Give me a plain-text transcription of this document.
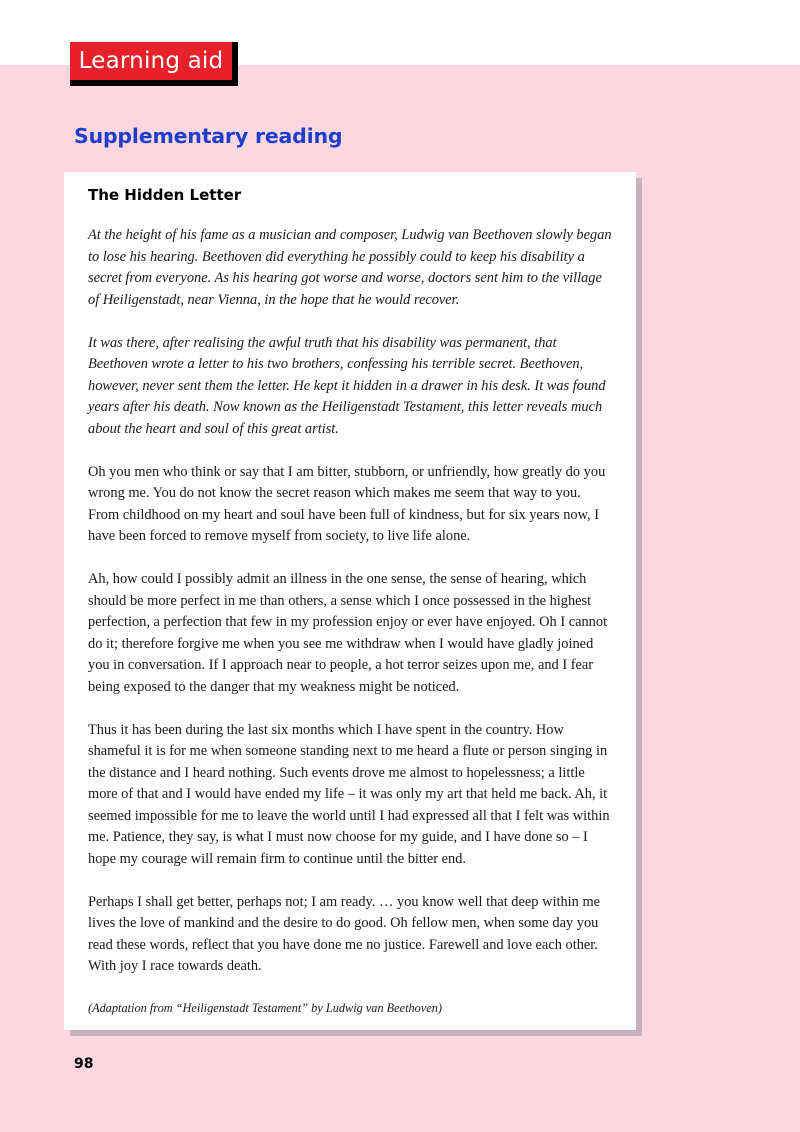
Learning aid
Supplementary reading
The Hidden Letter

At the height of his fame as a musician and composer, Ludwig van Beethoven slowly began to lose his hearing. Beethoven did everything he possibly could to keep his disability a secret from everyone. As his hearing got worse and worse, doctors sent him to the village of Heiligenstadt, near Vienna, in the hope that he would recover.

It was there, after realising the awful truth that his disability was permanent, that Beethoven wrote a letter to his two brothers, confessing his terrible secret. Beethoven, however, never sent them the letter. He kept it hidden in a drawer in his desk. It was found years after his death. Now known as the Heiligenstadt Testament, this letter reveals much about the heart and soul of this great artist.

Oh you men who think or say that I am bitter, stubborn, or unfriendly, how greatly do you wrong me. You do not know the secret reason which makes me seem that way to you. From childhood on my heart and soul have been full of kindness, but for six years now, I have been forced to remove myself from society, to live life alone.

Ah, how could I possibly admit an illness in the one sense, the sense of hearing, which should be more perfect in me than others, a sense which I once possessed in the highest perfection, a perfection that few in my profession enjoy or ever have enjoyed. Oh I cannot do it; therefore forgive me when you see me withdraw when I would have gladly joined you in conversation. If I approach near to people, a hot terror seizes upon me, and I fear being exposed to the danger that my weakness might be noticed.

Thus it has been during the last six months which I have spent in the country. How shameful it is for me when someone standing next to me heard a flute or person singing in the distance and I heard nothing. Such events drove me almost to hopelessness; a little more of that and I would have ended my life – it was only my art that held me back. Ah, it seemed impossible for me to leave the world until I had expressed all that I felt was within me. Patience, they say, is what I must now choose for my guide, and I have done so – I hope my courage will remain firm to continue until the bitter end.

Perhaps I shall get better, perhaps not; I am ready. … you know well that deep within me lives the love of mankind and the desire to do good. Oh fellow men, when some day you read these words, reflect that you have done me no justice. Farewell and love each other. With joy I race towards death.

(Adaptation from “Heiligenstadt Testament” by Ludwig van Beethoven)

98
